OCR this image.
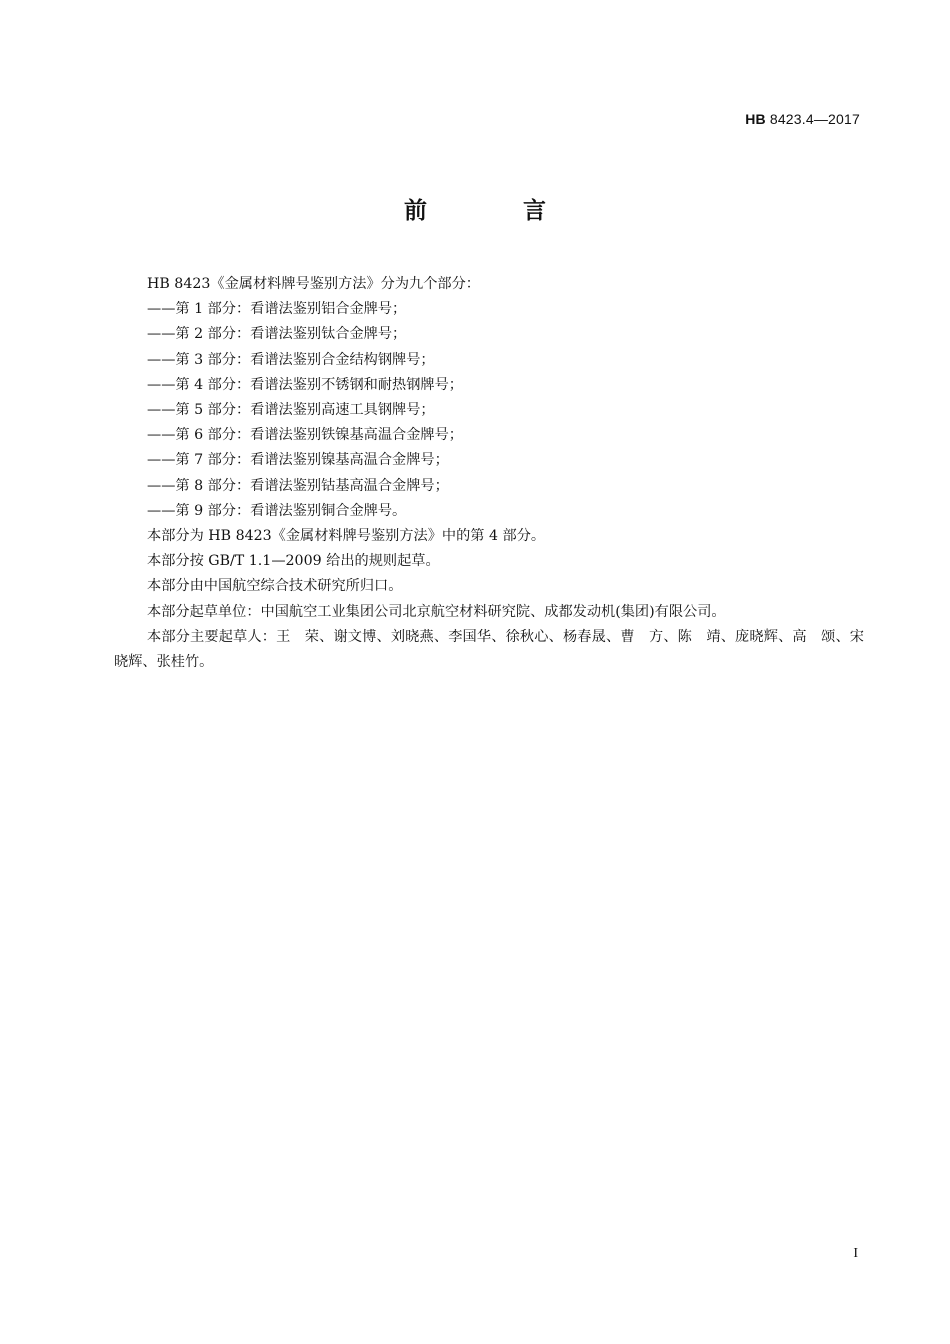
HB 8423.4—2017
前 言

HB 8423《金属材料牌号鉴别方法》分为九个部分：

——第 1 部分：看谱法鉴别铝合金牌号；

——第 2 部分：看谱法鉴别钛合金牌号；

——第 3 部分：看谱法鉴别合金结构钢牌号；

——第 4 部分：看谱法鉴别不锈钢和耐热钢牌号；

——第 5 部分：看谱法鉴别高速工具钢牌号；

——第 6 部分：看谱法鉴别铁镍基高温合金牌号；

——第 7 部分：看谱法鉴别镍基高温合金牌号；

——第 8 部分：看谱法鉴别钴基高温合金牌号；

——第 9 部分：看谱法鉴别铜合金牌号。

本部分为 HB 8423《金属材料牌号鉴别方法》中的第 4 部分。

本部分按 GB/T 1.1—2009 给出的规则起草。

本部分由中国航空综合技术研究所归口。

本部分起草单位：中国航空工业集团公司北京航空材料研究院、成都发动机(集团)有限公司。

本部分主要起草人：王　荣、谢文博、刘晓燕、李国华、徐秋心、杨春晟、曹　方、陈　靖、庞晓辉、高　颂、宋晓辉、张桂竹。

I
